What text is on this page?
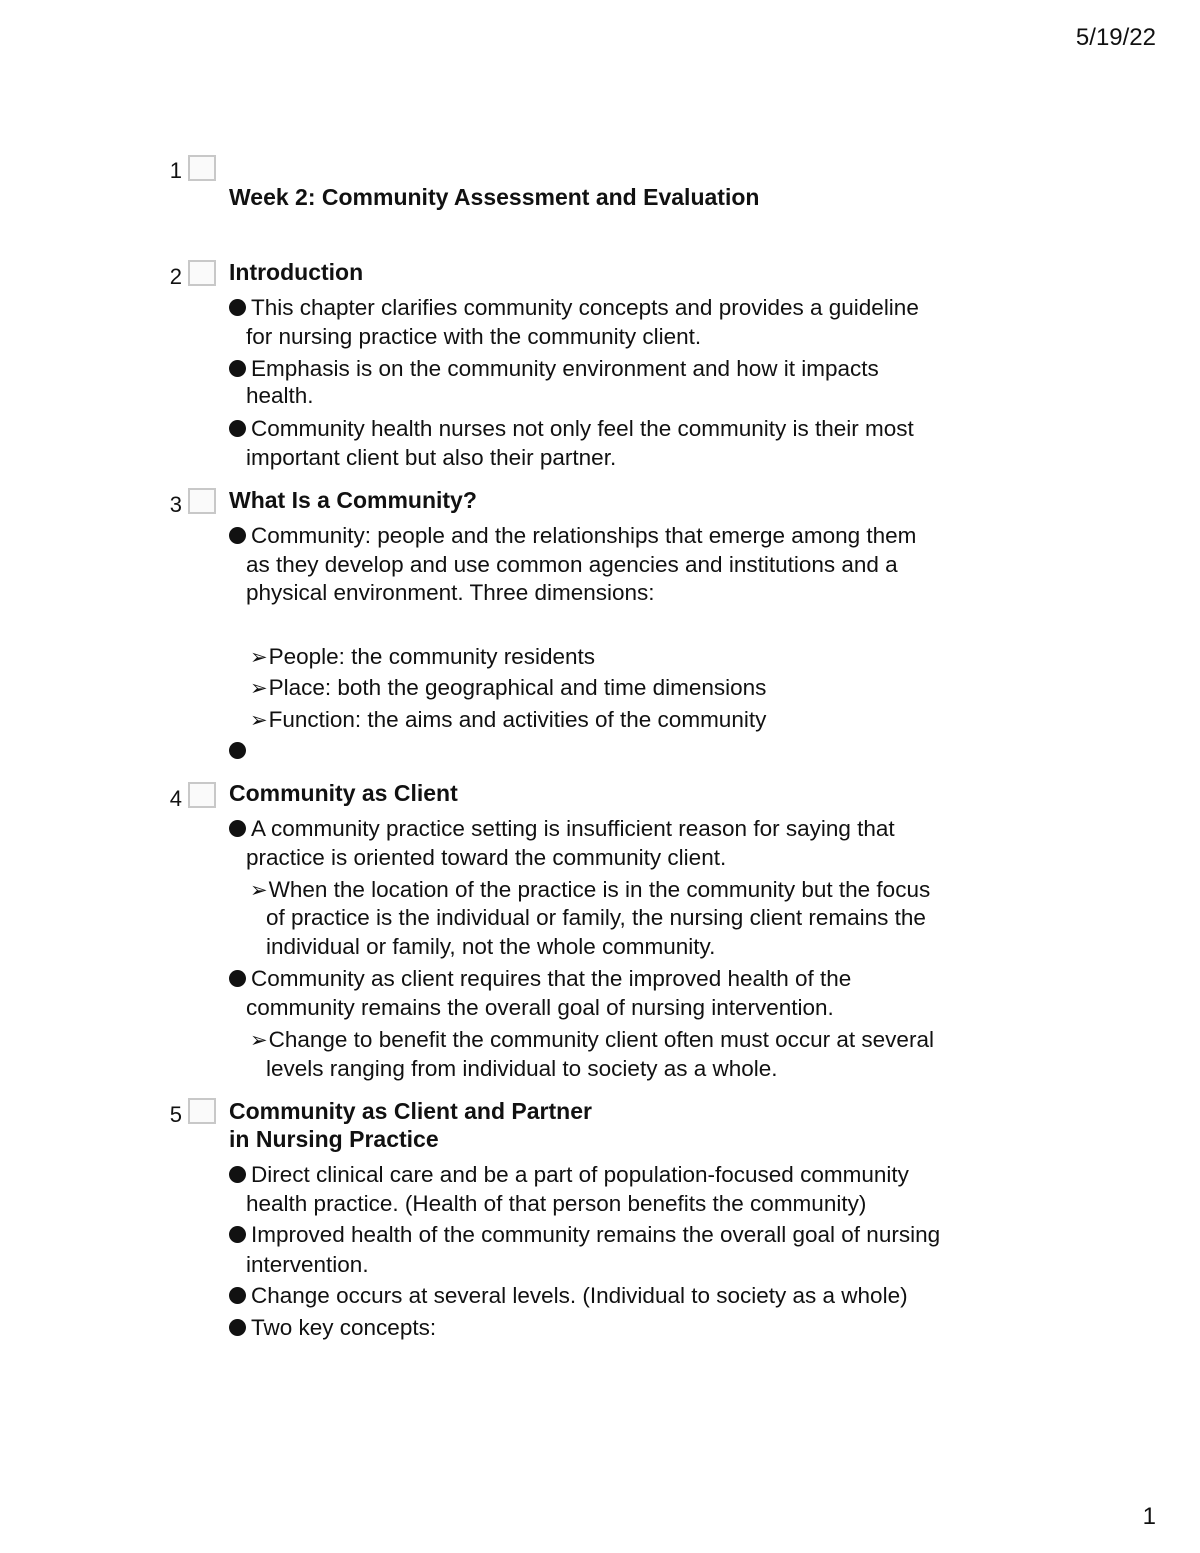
5/19/22
1
1
Week 2: Community Assessment and Evaluation
2 Introduction
This chapter clarifies community concepts and provides a guideline
for nursing practice with the community client.
Emphasis is on the community environment and how it impacts
health.
Community health nurses not only feel the community is their most
important client but also their partner.
3 What Is a Community?
Community: people and the relationships that emerge among them
as they develop and use common agencies and institutions and a
physical environment. Three dimensions:
➢People: the community residents
➢Place: both the geographical and time dimensions
➢Function: the aims and activities of the community
4 Community as Client
A community practice setting is insufficient reason for saying that
practice is oriented toward the community client.
➢When the location of the practice is in the community but the focus
of practice is the individual or family, the nursing client remains the
individual or family, not the whole community.
Community as client requires that the improved health of the
community remains the overall goal of nursing intervention.
➢Change to benefit the community client often must occur at several
levels ranging from individual to society as a whole.
5 Community as Client and Partner
in Nursing Practice
Direct clinical care and be a part of population-focused community
health practice. (Health of that person benefits the community)
Improved health of the community remains the overall goal of nursing
intervention.
Change occurs at several levels. (Individual to society as a whole)
Two key concepts:
